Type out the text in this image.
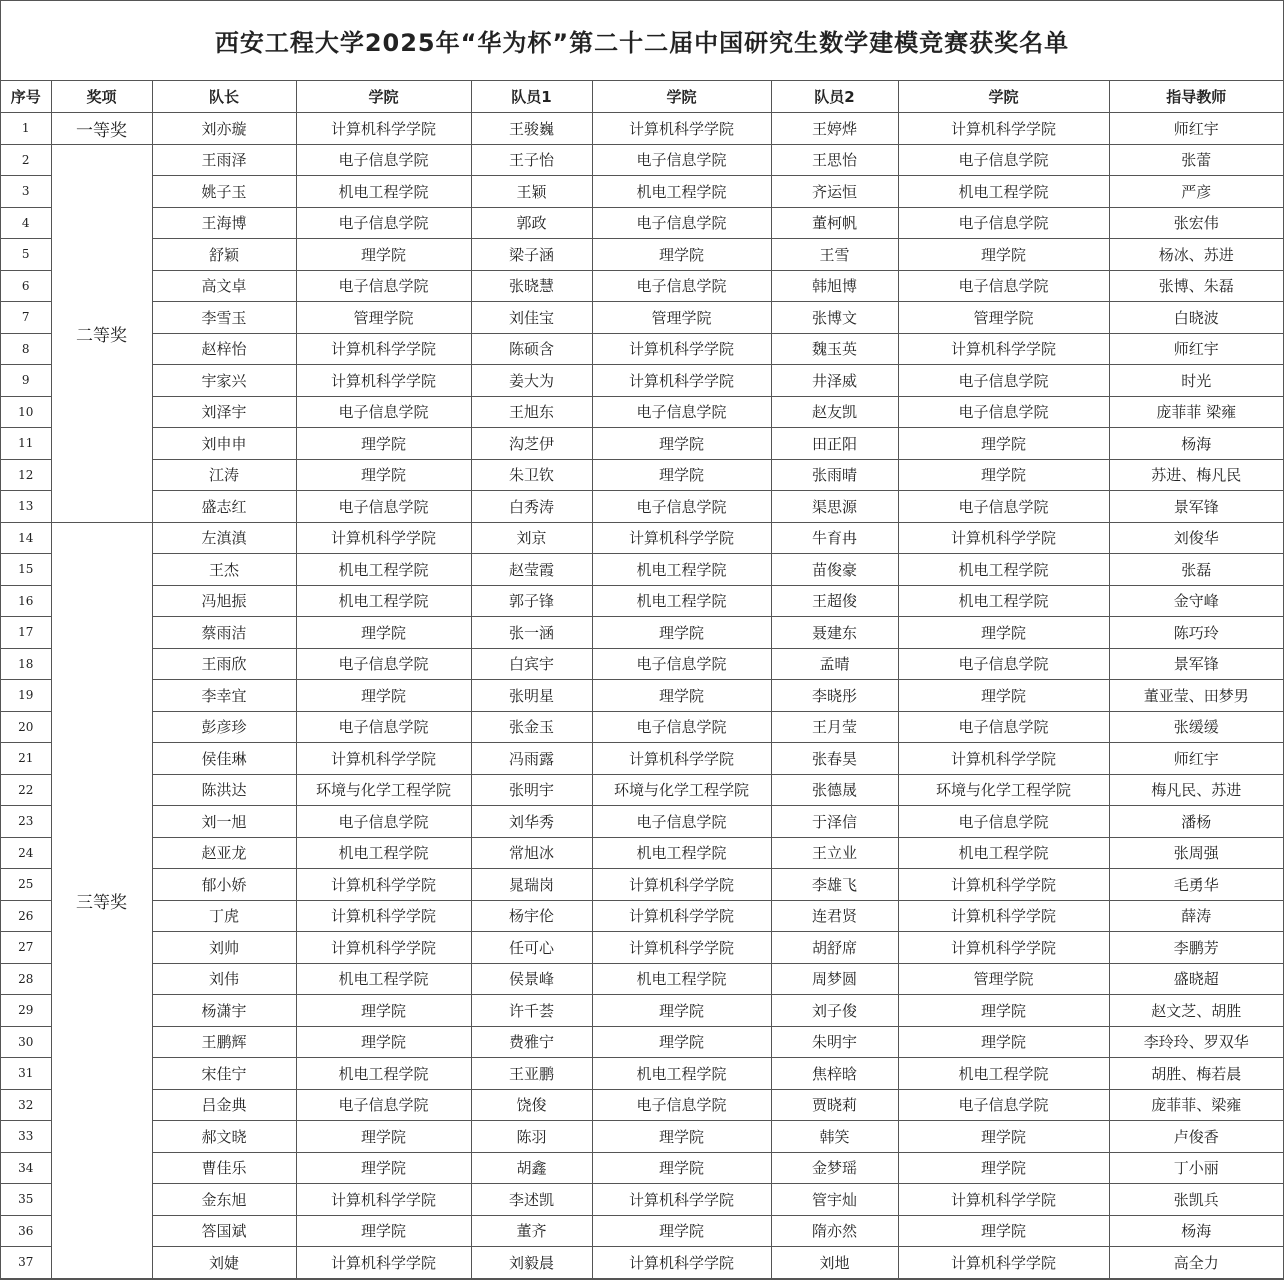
西安工程大学2025年“华为杯”第二十二届中国研究生数学建模竞赛获奖名单
序号	奖项	队长	学院	队员1	学院	队员2	学院	指导教师
1	一等奖	刘亦璇	计算机科学学院	王骏巍	计算机科学学院	王婷烨	计算机科学学院	师红宇
2	二等奖	王雨泽	电子信息学院	王子怡	电子信息学院	王思怡	电子信息学院	张蕾
3		姚子玉	机电工程学院	王颖	机电工程学院	齐运恒	机电工程学院	严彦
4		王海博	电子信息学院	郭政	电子信息学院	董柯帆	电子信息学院	张宏伟
5		舒颖	理学院	梁子涵	理学院	王雪	理学院	杨冰、苏进
6		高文卓	电子信息学院	张晓慧	电子信息学院	韩旭博	电子信息学院	张博、朱磊
7		李雪玉	管理学院	刘佳宝	管理学院	张博文	管理学院	白晓波
8		赵梓怡	计算机科学学院	陈硕含	计算机科学学院	魏玉英	计算机科学学院	师红宇
9		宇家兴	计算机科学学院	姜大为	计算机科学学院	井泽威	电子信息学院	时光
10		刘泽宇	电子信息学院	王旭东	电子信息学院	赵友凯	电子信息学院	庞菲菲 梁雍
11		刘申申	理学院	沟芝伊	理学院	田正阳	理学院	杨海
12		江涛	理学院	朱卫钦	理学院	张雨晴	理学院	苏进、梅凡民
13		盛志红	电子信息学院	白秀涛	电子信息学院	渠思源	电子信息学院	景军锋
14	三等奖	左滇滇	计算机科学学院	刘京	计算机科学学院	牛育冉	计算机科学学院	刘俊华
15		王杰	机电工程学院	赵莹霞	机电工程学院	苗俊豪	机电工程学院	张磊
16		冯旭振	机电工程学院	郭子锋	机电工程学院	王超俊	机电工程学院	金守峰
17		蔡雨洁	理学院	张一涵	理学院	聂建东	理学院	陈巧玲
18		王雨欣	电子信息学院	白宾宇	电子信息学院	孟晴	电子信息学院	景军锋
19		李幸宜	理学院	张明星	理学院	李晓彤	理学院	董亚莹、田梦男
20		彭彦珍	电子信息学院	张金玉	电子信息学院	王月莹	电子信息学院	张缓缓
21		侯佳琳	计算机科学学院	冯雨露	计算机科学学院	张春昊	计算机科学学院	师红宇
22		陈洪达	环境与化学工程学院	张明宇	环境与化学工程学院	张德晟	环境与化学工程学院	梅凡民、苏进
23		刘一旭	电子信息学院	刘华秀	电子信息学院	于泽信	电子信息学院	潘杨
24		赵亚龙	机电工程学院	常旭冰	机电工程学院	王立业	机电工程学院	张周强
25		郁小娇	计算机科学学院	晁瑞岗	计算机科学学院	李雄飞	计算机科学学院	毛勇华
26		丁虎	计算机科学学院	杨宇伦	计算机科学学院	连君贤	计算机科学学院	薛涛
27		刘帅	计算机科学学院	任可心	计算机科学学院	胡舒席	计算机科学学院	李鹏芳
28		刘伟	机电工程学院	侯景峰	机电工程学院	周梦圆	管理学院	盛晓超
29		杨潇宇	理学院	许千荟	理学院	刘子俊	理学院	赵文芝、胡胜
30		王鹏辉	理学院	费雅宁	理学院	朱明宇	理学院	李玲玲、罗双华
31		宋佳宁	机电工程学院	王亚鹏	机电工程学院	焦梓晗	机电工程学院	胡胜、梅若晨
32		吕金典	电子信息学院	饶俊	电子信息学院	贾晓莉	电子信息学院	庞菲菲、梁雍
33		郝文晓	理学院	陈羽	理学院	韩笑	理学院	卢俊香
34		曹佳乐	理学院	胡鑫	理学院	金梦瑶	理学院	丁小丽
35		金东旭	计算机科学学院	李述凯	计算机科学学院	管宇灿	计算机科学学院	张凯兵
36		答国斌	理学院	董齐	理学院	隋亦然	理学院	杨海
37		刘婕	计算机科学学院	刘毅晨	计算机科学学院	刘地	计算机科学学院	高全力
